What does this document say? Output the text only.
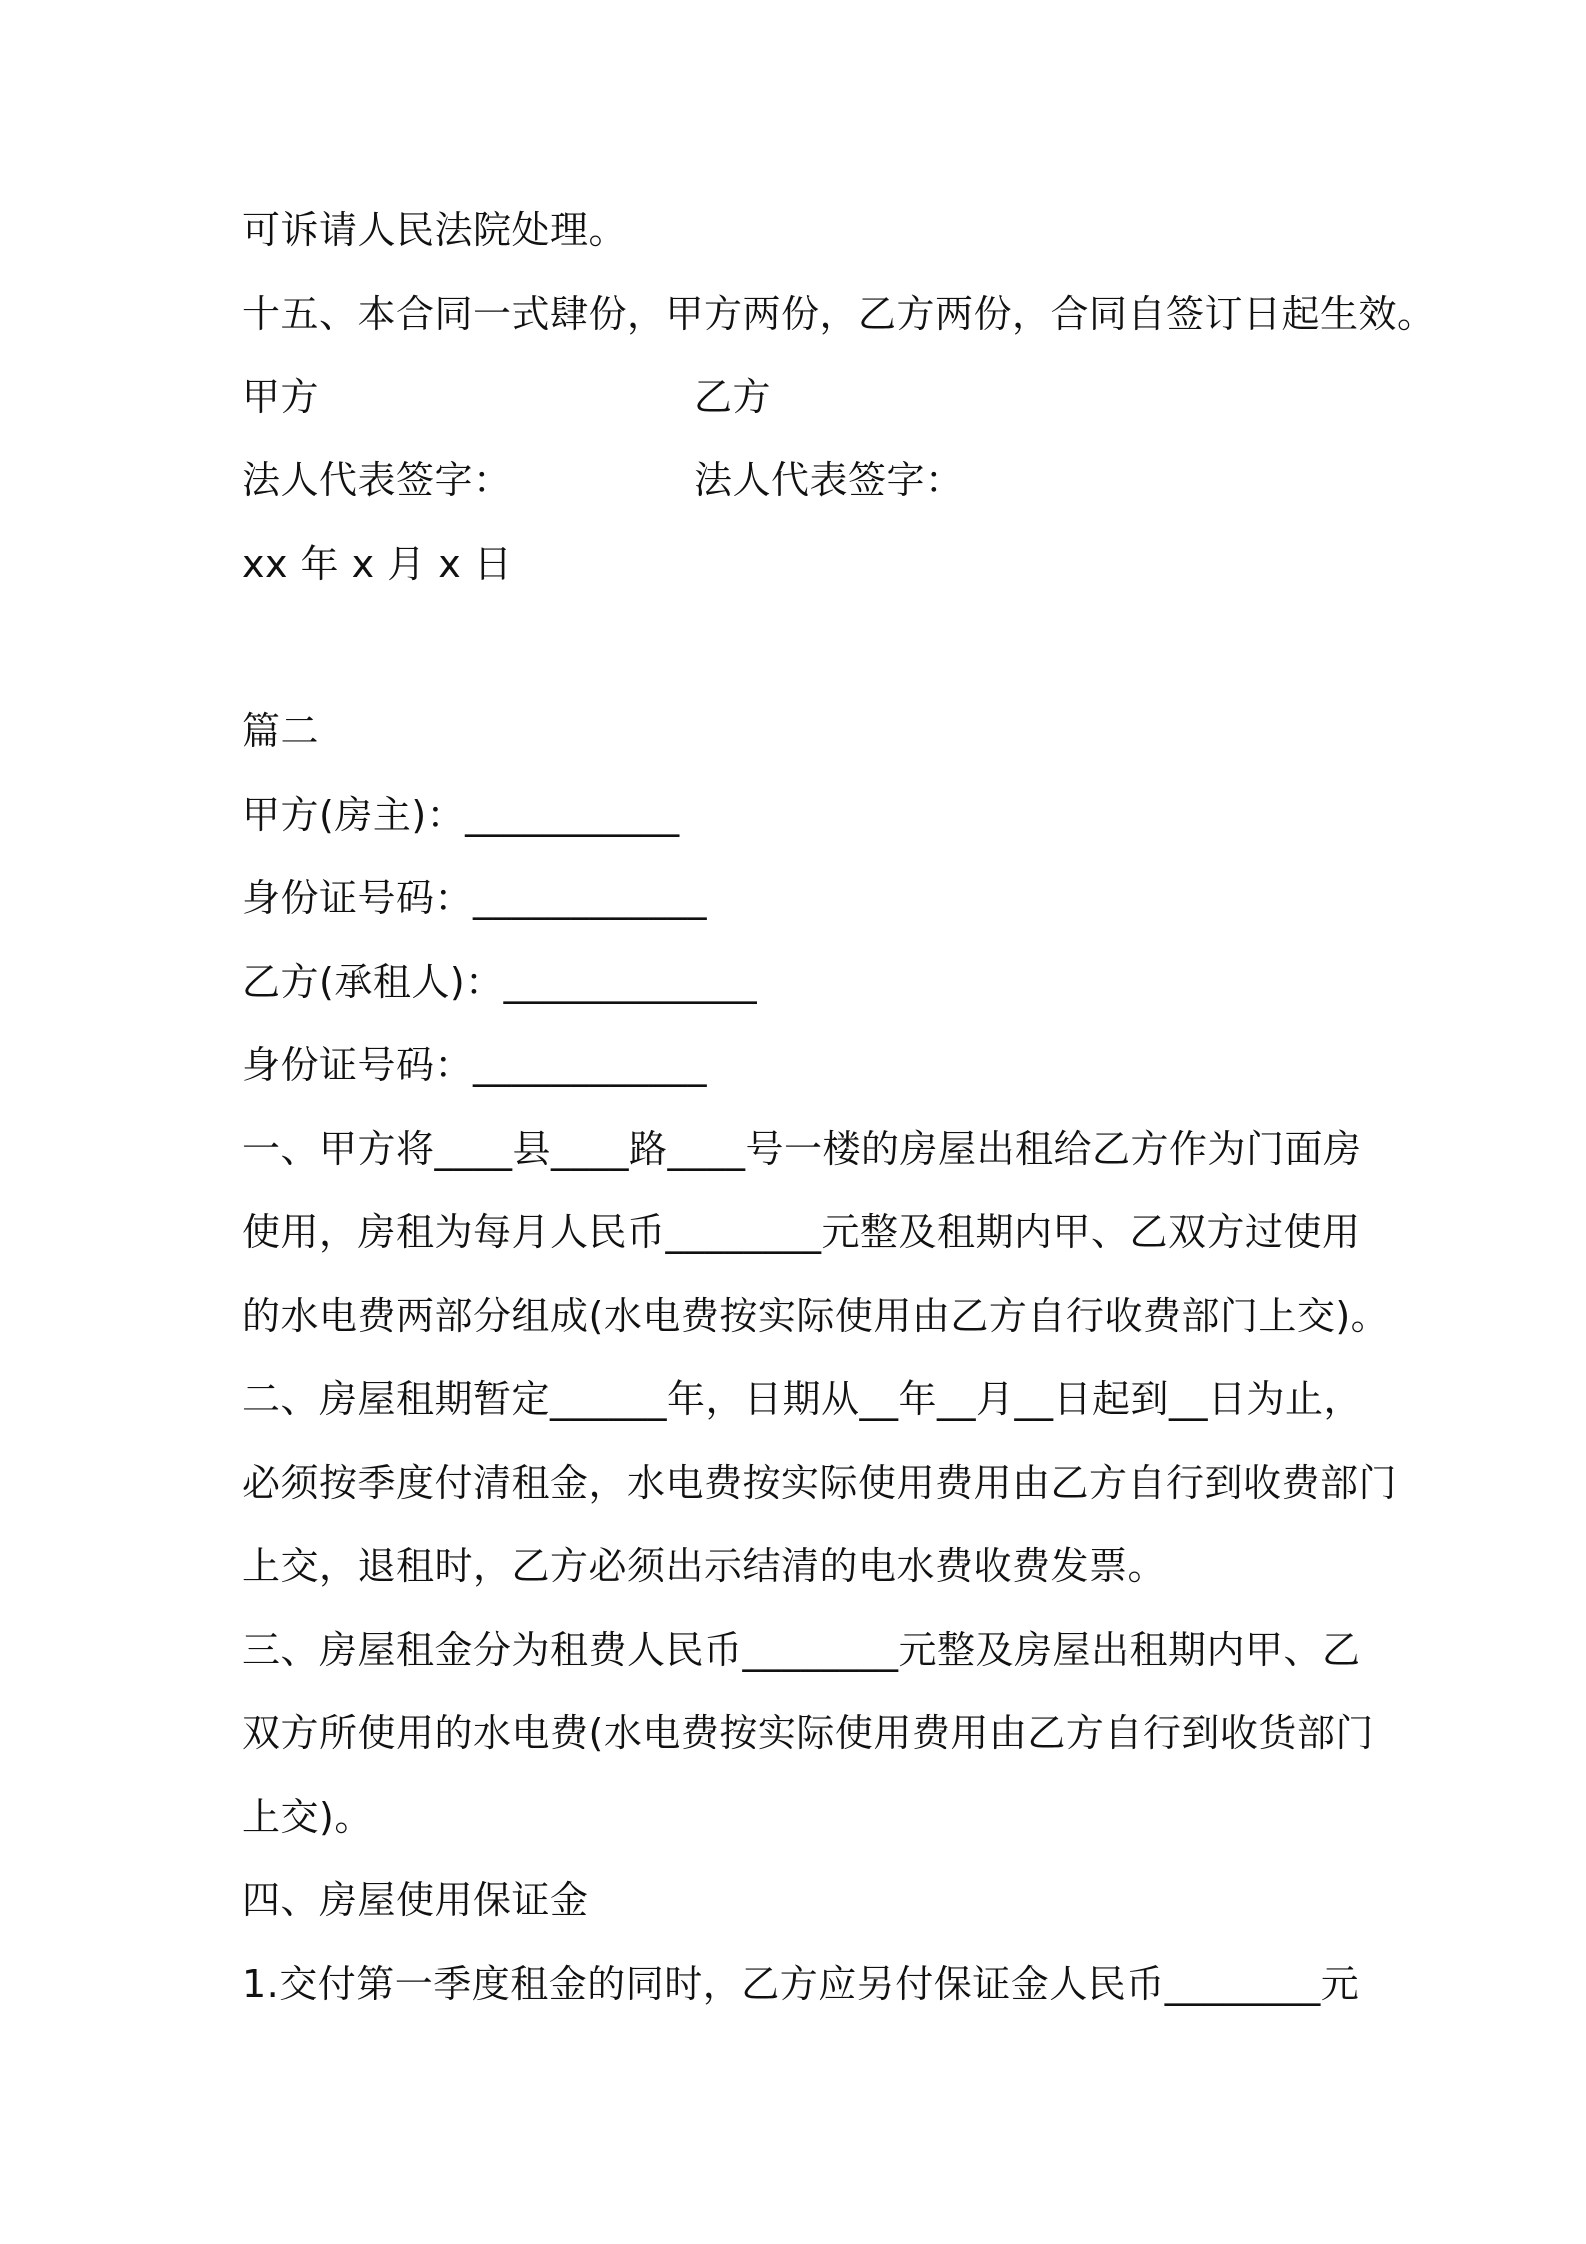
可诉请人民法院处理。

十五、本合同一式肆份，甲方两份，乙方两份，合同自签订日起生效。

甲方	乙方

法人代表签字：	法人代表签字：

xx 年 x 月 x 日

篇二

甲方(房主)：___________

身份证号码：____________

乙方(承租人)：_____________

身份证号码：____________

一、甲方将____县____路____号一楼的房屋出租给乙方作为门面房

使用，房租为每月人民币________元整及租期内甲、乙双方过使用

的水电费两部分组成(水电费按实际使用由乙方自行收费部门上交)。

二、房屋租期暂定______年，日期从__年__月__日起到__日为止，

必须按季度付清租金，水电费按实际使用费用由乙方自行到收费部门

上交，退租时，乙方必须出示结清的电水费收费发票。

三、房屋租金分为租费人民币________元整及房屋出租期内甲、乙

双方所使用的水电费(水电费按实际使用费用由乙方自行到收货部门

上交)。

四、房屋使用保证金

1.交付第一季度租金的同时，乙方应另付保证金人民币________元
